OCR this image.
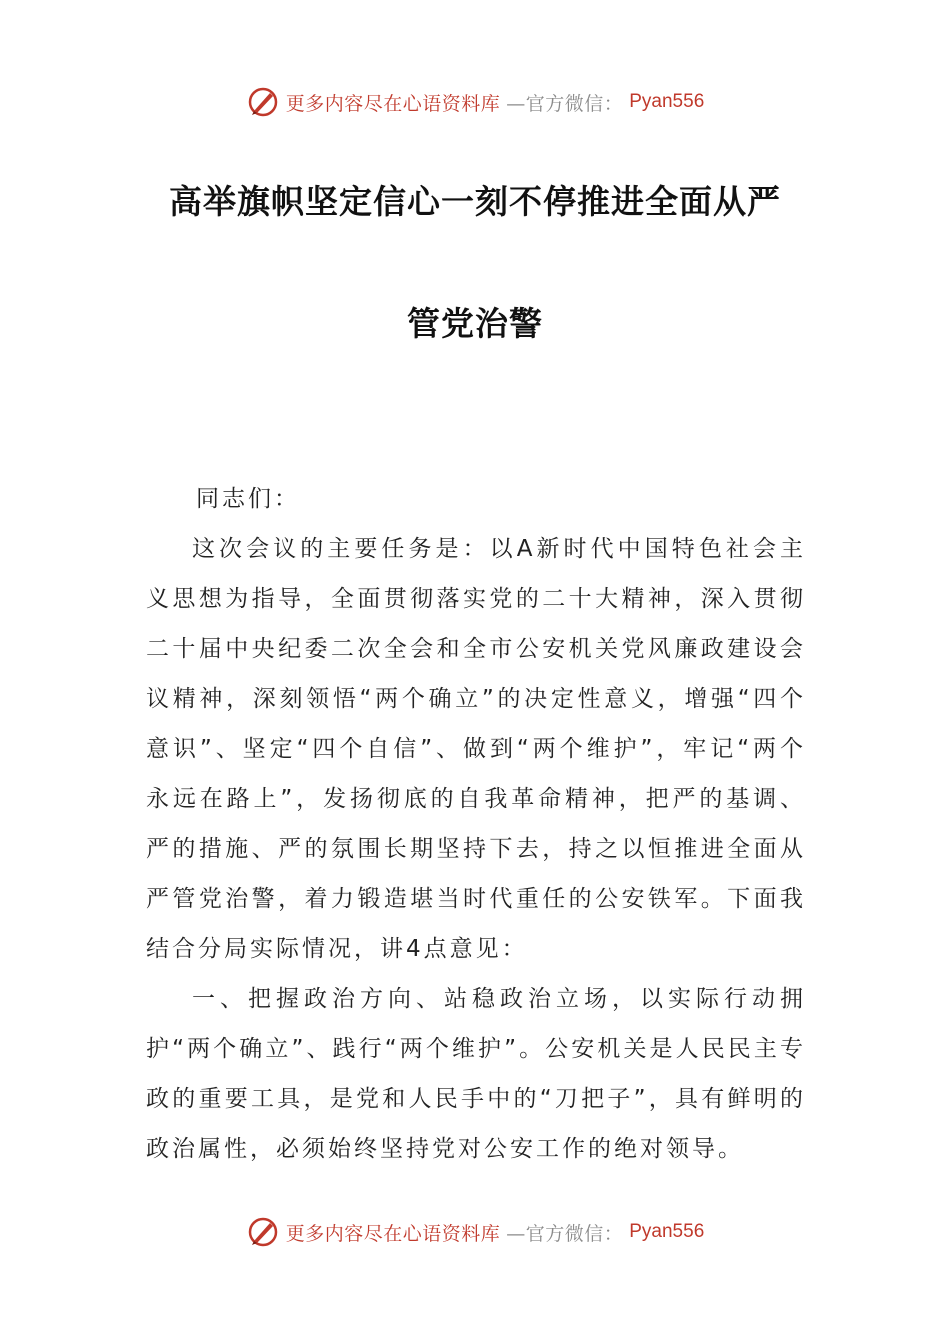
更多内容尽在心语资料库 —官方微信： Pyan556
高举旗帜坚定信心一刻不停推进全面从严
管党治警
同志们：

这次会议的主要任务是：以A新时代中国特色社会主义思想为指导，全面贯彻落实党的二十大精神，深入贯彻二十届中央纪委二次全会和全市公安机关党风廉政建设会议精神，深刻领悟“两个确立”的决定性意义，增强“四个意识”、坚定“四个自信”、做到“两个维护”，牢记“两个永远在路上”，发扬彻底的自我革命精神，把严的基调、严的措施、严的氛围长期坚持下去，持之以恒推进全面从严管党治警，着力锻造堪当时代重任的公安铁军。下面我结合分局实际情况，讲4点意见：

一、把握政治方向、站稳政治立场，以实际行动拥护“两个确立”、践行“两个维护”。公安机关是人民民主专政的重要工具，是党和人民手中的“刀把子”，具有鲜明的政治属性，必须始终坚持党对公安工作的绝对领导。

更多内容尽在心语资料库 —官方微信： Pyan556
